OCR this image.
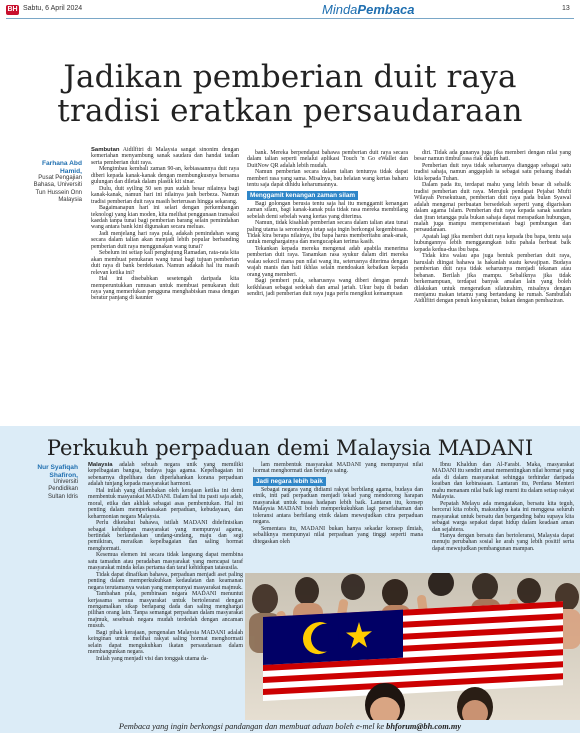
BH Sabtu, 6 April 2024	MindaPembaca	13
Jadikan pemberian duit raya
tradisi eratkan persaudaraan
Farhana Abd
Hamid,
Pusat Pengajian
Bahasa, Universiti
Tun Hussein Onn
Malaysia

Sambutan Aidilfitri di Malaysia sangat sinonim dengan kemeriahan menyambung sanak saudara dan handai taulan serta pemberian duit raya.

Mengimbau kembali zaman 90-an, kebiasaannya duit raya diberi kepada kanak-kanak dengan membungkusnya bersama gulungan dan diletak dalam plastik kit sinar.

Dulu, duit syiling 50 sen pun sudah besar nilainya bagi kanak-kanak, namun hari ini nilainya jauh berbeza. Namun tradisi pemberian duit raya masih berterusan hingga sekarang.

Bagaimanapun hari ini selari dengan perkembangan teknologi yang kian moden, kita melihat penggunaan transaksi kaedah tanpa tunai bagi pemberian barang selain pemindahan wang antara bank kini digunakan secara meluas.

Jadi menjelang hari raya pula, adakah pemindahan wang secara dalam talian akan menjadi lebih popular berbanding pemberian duit raya menggunakan wang tunai?

Sebelum ini setiap kali penghujung Ramadan, rata-rata kita akan membuat penukaran wang tunai bagi tujuan pemberian duit raya di bank berdekatan. Namun adakah hal itu masih relevan ketika ini?

Hal ini disebabkan sesetengah daripada kita memperuntukkan rumusan untuk membuat penukaran duit raya yang memerlukan pengguna menghabiskan masa dengan beratur panjang di kaunter

bank. Mereka berpendapat bahawa pemberian duit raya secara dalam talian seperti melalui aplikasi Touch 'n Go eWallet dan DuitNow QR adalah lebih mudah.

Namun pemberian secara dalam talian tentunya tidak dapat memberi rasa yang sama. Misalnya, bau helaian wang kertas baharu tentu saja dapat dihidu keharumannya.

Menggamit kenangan zaman silam

Bagi golongan berusia tentu saja hal itu menggamit kenangan zaman silam, bagi kanak-kanak pula tidak rasa mereka membilang sebelah demi sebelah wang kertas yang diterima.

Namun, tidak kisahlah pemberian secara dalam talian atau tunai paling utama ia seronoknya tetap saja ingin berkongsi kegembiraan. Tidak kira berapa nilainya, ibu bapa harus memberitahu anak-anak, untuk menghargainya dan mengucapkan terima kasih.

Tekankan kepada mereka mengenai adab apabila menerima pemberian duit raya. Tanamkan rasa syukur dalam diri mereka walau sekecil mana pun nilai wang itu, seterusnya diterima dengan wajah manis dan hati ikhlas selain mendoakan kebaikan kepada orang yang memberi.

Bagi pemberi pula, seharusnya wang diberi dengan penuh keikhlasan sebagai sedekah dan amal jariah. Ukur baju di badan sendiri, jadi pemberian duit raya juga perlu mengikut kemampuan

diri. Tidak ada gunanya juga jika memberi dengan nilai yang besar namun timbul rasa riak dalam hati.

Pemberian duit raya tidak seharusnya dianggap sebagai satu tradisi sahaja, namun anggaplah ia sebagai satu peluang ibadah kita kepada Tuhan.

Dalam pada itu, terdapat mahu yang lebih besar di sebalik tradisi pemberian duit raya. Merujuk pendapat Pejabat Mufti Wilayah Persekutuan, pemberian duit raya pada bulan Syawal adalah mengenai perbuatan bersedekah seperti yang digariskan dalam agama Islam. Pemberian duit raya kepada sanak saudara dan jiran tetangga pula bukan sahaja dapat merapatkan hubungan, malah juga mampu memperserataan bagi pembungan dan persaudaraan.

Apatah lagi jika memberi duit raya kepada ibu bapa, tentu saja hubungannya lebih menggaungkan isitu pahala berbuat baik kepada kedua-dua ibu bapa.

Tidak kira walau apa juga bentuk pemberian duit raya, haruslah diingat bahawa ia hakanlah suatu kewajipan. Budaya pemberian duit raya tidak seharusnya menjadi tekanan atau bebanan. Berilah jika mampu. Sebaliknya jika tidak berkemampuan, terdapat banyak amalan lain yang boleh dilakukan untuk mengeratkan silaturahim, misalnya dengan menjamu makan tetamu yang bertandang ke rumah. Sambutlah Aidilfitri dengan penuh kesyukuran, bukan dengan pembaziran.

Perkukuh perpaduan demi Malaysia MADANI
Nur Syafiqah
Shafiron,
Universiti
Pendidikan
Sultan Idris

Malaysia adalah sebuah negara unik yang memiliki kepelbagaian bangsa, budaya juga agama. Kepelbagaian ini sebenarnya dipelihara dan diperlahankan korana perpaduan adalah tunjang kepada masyarakat harmoni.

Hal inilah yang dilambakan oleh kerajaan ketika ini demi membentuk masyarakat MADANI. Dalam hal itu pasti saja adab, moral, etika dan akhlak sebagai asas pembentukan. Hal ini penting dalam memperkasakan perpaduan, kebudayaan, dan keharmonian negara Malaysia.

Perlu diketahui bahawa, istilah MADANI didefinisikan sebagai kehidupan masyarakat yang mempunyai agama, bertindak berlandaskan undang-undang, maju dan segi pemikiran, meraikan kepelbagaian dan saling hormat menghormati.

Kesemua elemen ini secara tidak langsung dapat membina satu tamadun atau peradaban masyarakat yang mencapai taraf masyarakat minda kelas pertama dan taraf kehidupan tatasusila.

Tidak dapat dinafikan bahawa, perpaduan menjadi aset paling penting dalam memperkukuhkan kedaulatan dan keamanan negara terutamanya watan yang mempunyai masyarakat majmuk.

Tambahan pula, pembinaan negara MADANI menuntut kerjasama semua masyarakat untuk bertoleransi dengan mengamalkan sikap berlapang dada dan saling menghargai pilihan orang lain. Tanpa semangat perpaduan dalam masyarakat majmuk, sesebuah negara mudah terdedah dengan ancaman musuh.

Bagi pihak kerajaan, pengenalan Malaysia MADANI adalah keinginan untuk melihat rakyat saling hormat menghormati selain dapat mengukuhkan ikatan persaudaraan dalam membangunkan negara.

Inilah yang menjadi visi dan tonggak utama da-

lam membentuk masyarakat MADANI yang mempunyai nilai hormat menghormati dan berdaya saing.

Jadi negara lebih baik

Sebagai negara yang didiami rakyat berbilang agama, budaya dan etnik, inti pati perpaduan menjadi tekad yang mendorong harapan masyarakat untuk masa hadapan lebih baik. Lantaran itu, konsep Malaysia MADANI boleh memperkukuhkan lagi persefahaman dan toleransi antara berbilang etnik dalam mewujudkan citra perpaduan negara.

Sementara itu, MADANI bukan hanya sekadar konsep ilmiah, sebaliknya mempunyai nilai perpaduan yang tinggi seperti mana ditegaskan oleh

Ibnu Khaldun dan Al-Farabi. Maka, masyarakat MADANI itu sendiri amat mementingkan nilai hormat yang ada di dalam masyarakat sehingga terhindar daripada keaiban dan kebinasaan. Lantaran itu, Perdana Menteri mahu menanam nilai baik lagi murni itu dalam setiap rakyat Malaysia.

Pepatah Melayu ada mengatakan, bersatu kita teguh, bercerai kita roboh, maksudnya kata ini menggesa seluruh masyarakat untuk bersatu dan berganding bahu supaya kita sebagai warga sepakat dapat hidup dalam keadaan aman dan sejahtera.

Hanya dengan bersatu dan bertoleransi, Malaysia dapat menuju perubahan sosial ke arah yang lebih positif serta dapat mewujudkan pembangunan mampan.

Pembaca yang ingin berkongsi pandangan dan membuat aduan boleh e-mel ke bhforum@bh.com.my
